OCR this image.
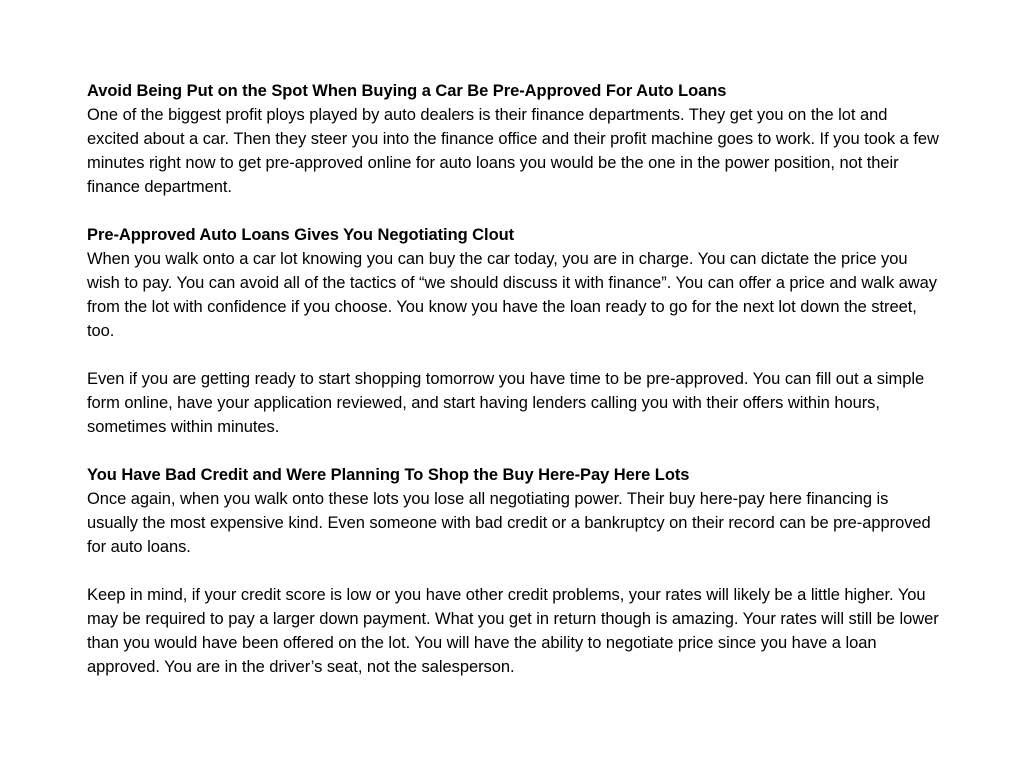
Avoid Being Put on the Spot When Buying a Car Be Pre-Approved For Auto Loans
One of the biggest profit ploys played by auto dealers is their finance departments. They get you on the lot and excited about a car. Then they steer you into the finance office and their profit machine goes to work. If you took a few minutes right now to get pre-approved online for auto loans you would be the one in the power position, not their finance department.
Pre-Approved Auto Loans Gives You Negotiating Clout
When you walk onto a car lot knowing you can buy the car today, you are in charge. You can dictate the price you wish to pay. You can avoid all of the tactics of “we should discuss it with finance”. You can offer a price and walk away from the lot with confidence if you choose. You know you have the loan ready to go for the next lot down the street, too.
Even if you are getting ready to start shopping tomorrow you have time to be pre-approved. You can fill out a simple form online, have your application reviewed, and start having lenders calling you with their offers within hours, sometimes within minutes.
You Have Bad Credit and Were Planning To Shop the Buy Here-Pay Here Lots
Once again, when you walk onto these lots you lose all negotiating power. Their buy here-pay here financing is usually the most expensive kind. Even someone with bad credit or a bankruptcy on their record can be pre-approved for auto loans.
Keep in mind, if your credit score is low or you have other credit problems, your rates will likely be a little higher. You may be required to pay a larger down payment. What you get in return though is amazing. Your rates will still be lower than you would have been offered on the lot. You will have the ability to negotiate price since you have a loan approved. You are in the driver’s seat, not the salesperson.
